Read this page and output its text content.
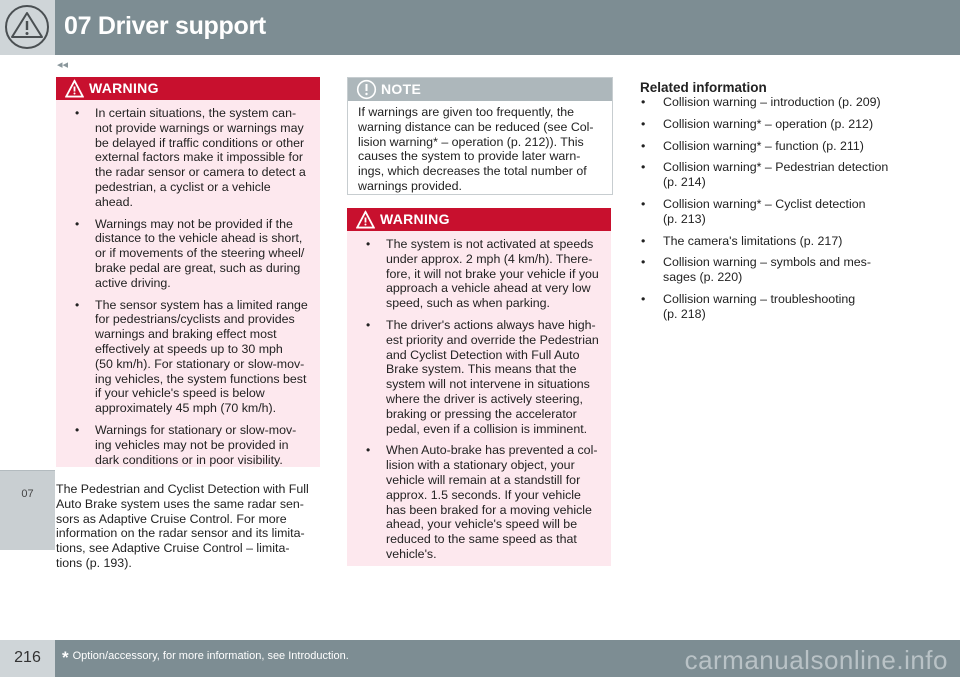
07 Driver support
◂◂
07
WARNING
• In certain situations, the system can-
not provide warnings or warnings may
be delayed if traffic conditions or other
external factors make it impossible for
the radar sensor or camera to detect a
pedestrian, a cyclist or a vehicle
ahead.
• Warnings may not be provided if the
distance to the vehicle ahead is short,
or if movements of the steering wheel/
brake pedal are great, such as during
active driving.
• The sensor system has a limited range
for pedestrians/cyclists and provides
warnings and braking effect most
effectively at speeds up to 30 mph
(50 km/h). For stationary or slow-mov-
ing vehicles, the system functions best
if your vehicle's speed is below
approximately 45 mph (70 km/h).
• Warnings for stationary or slow-mov-
ing vehicles may not be provided in
dark conditions or in poor visibility.
The Pedestrian and Cyclist Detection with Full
Auto Brake system uses the same radar sen-
sors as Adaptive Cruise Control. For more
information on the radar sensor and its limita-
tions, see Adaptive Cruise Control – limita-
tions (p. 193).
NOTE
If warnings are given too frequently, the
warning distance can be reduced (see Col-
lision warning* – operation (p. 212)). This
causes the system to provide later warn-
ings, which decreases the total number of
warnings provided.
WARNING
• The system is not activated at speeds
under approx. 2 mph (4 km/h). There-
fore, it will not brake your vehicle if you
approach a vehicle ahead at very low
speed, such as when parking.
• The driver's actions always have high-
est priority and override the Pedestrian
and Cyclist Detection with Full Auto
Brake system. This means that the
system will not intervene in situations
where the driver is actively steering,
braking or pressing the accelerator
pedal, even if a collision is imminent.
• When Auto-brake has prevented a col-
lision with a stationary object, your
vehicle will remain at a standstill for
approx. 1.5 seconds. If your vehicle
has been braked for a moving vehicle
ahead, your vehicle's speed will be
reduced to the same speed as that
vehicle's.
Related information
• Collision warning – introduction (p. 209)
• Collision warning* – operation (p. 212)
• Collision warning* – function (p. 211)
• Collision warning* – Pedestrian detection
(p. 214)
• Collision warning* – Cyclist detection
(p. 213)
• The camera's limitations (p. 217)
• Collision warning – symbols and mes-
sages (p. 220)
• Collision warning – troubleshooting
(p. 218)
216	* Option/accessory, for more information, see Introduction.	carmanualsonline.info
